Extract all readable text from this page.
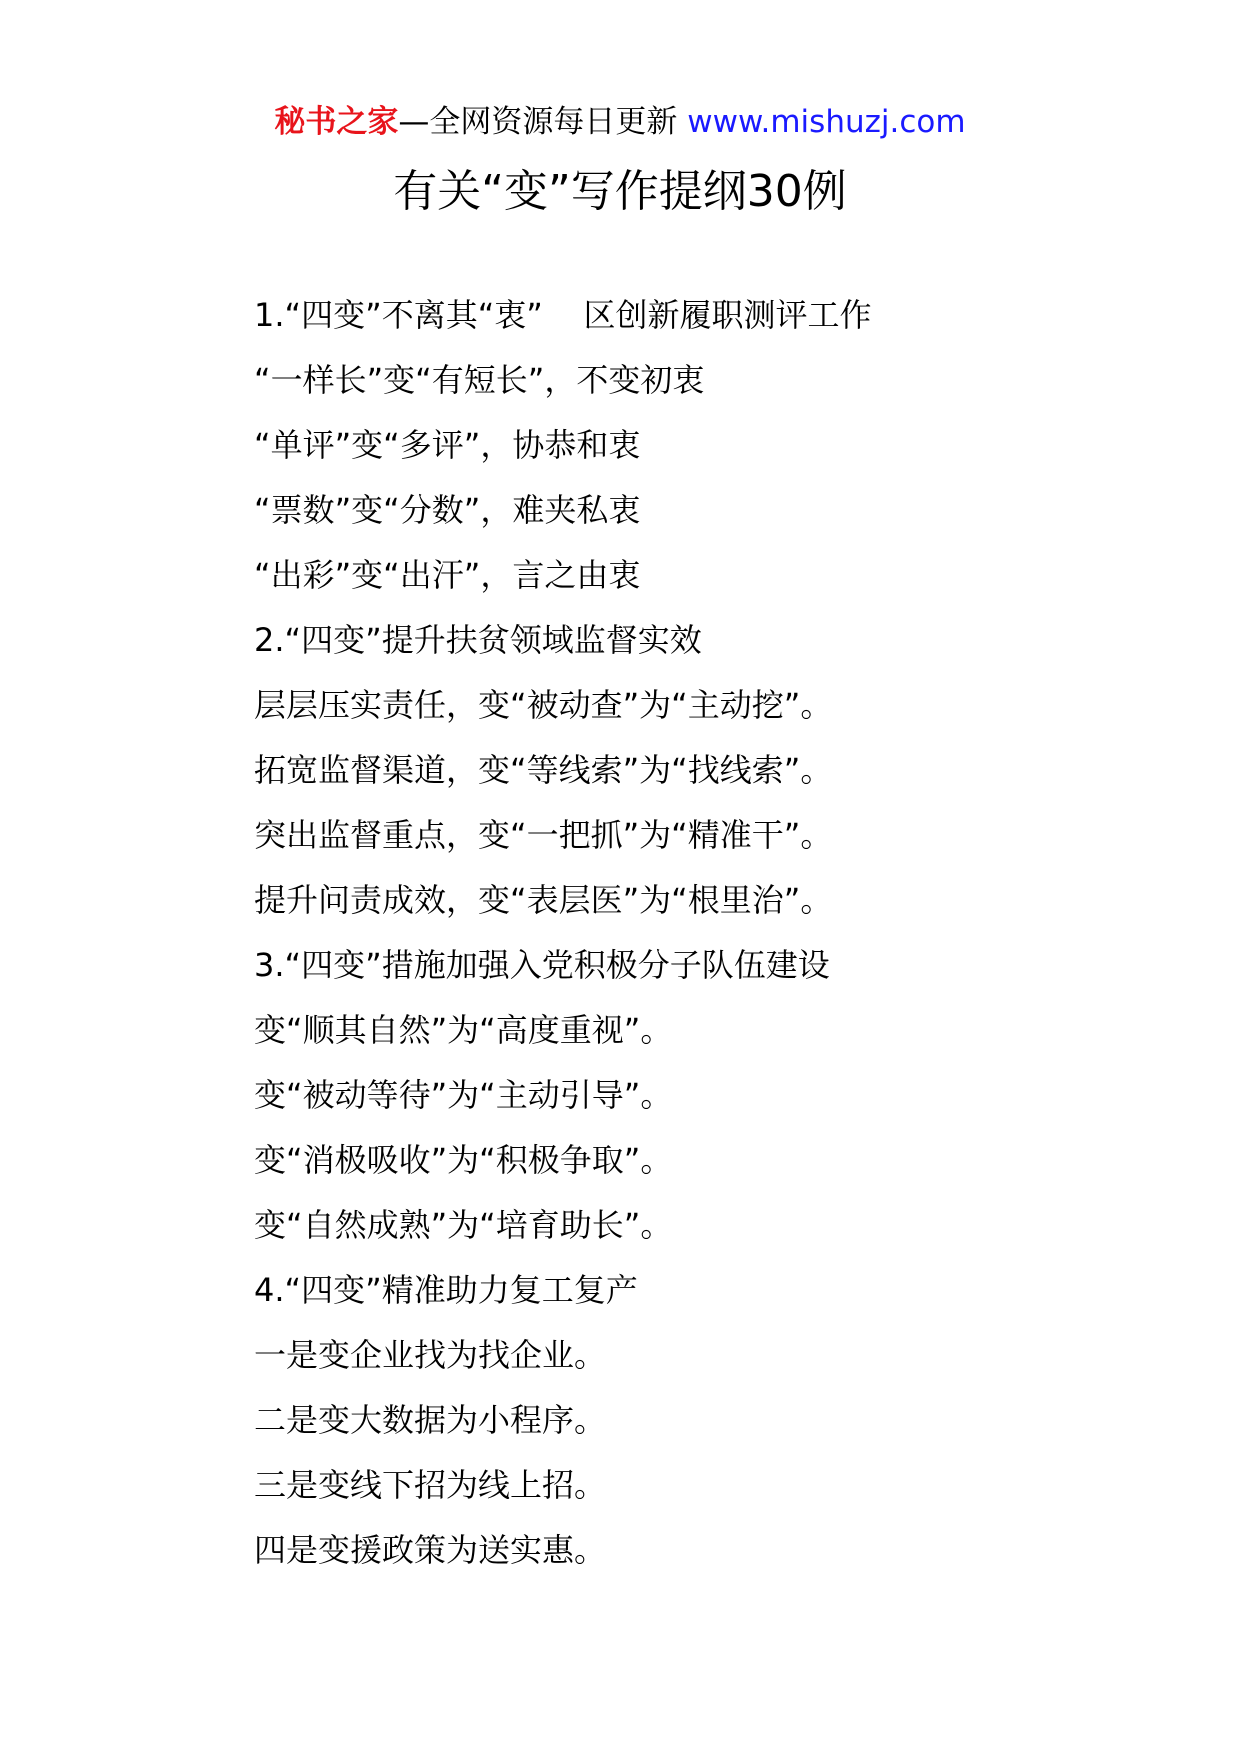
秘书之家—全网资源每日更新 www.mishuzj.com
有关“变”写作提纲30例
1.“四变”不离其“衷”    区创新履职测评工作
“一样长”变“有短长”，不变初衷
“单评”变“多评”，协恭和衷
“票数”变“分数”，难夹私衷
“出彩”变“出汗”，言之由衷
2.“四变”提升扶贫领域监督实效
层层压实责任，变“被动查”为“主动挖”。
拓宽监督渠道，变“等线索”为“找线索”。
突出监督重点，变“一把抓”为“精准干”。
提升问责成效，变“表层医”为“根里治”。
3.“四变”措施加强入党积极分子队伍建设
变“顺其自然”为“高度重视”。
变“被动等待”为“主动引导”。
变“消极吸收”为“积极争取”。
变“自然成熟”为“培育助长”。
4.“四变”精准助力复工复产
一是变企业找为找企业。
二是变大数据为小程序。
三是变线下招为线上招。
四是变援政策为送实惠。
